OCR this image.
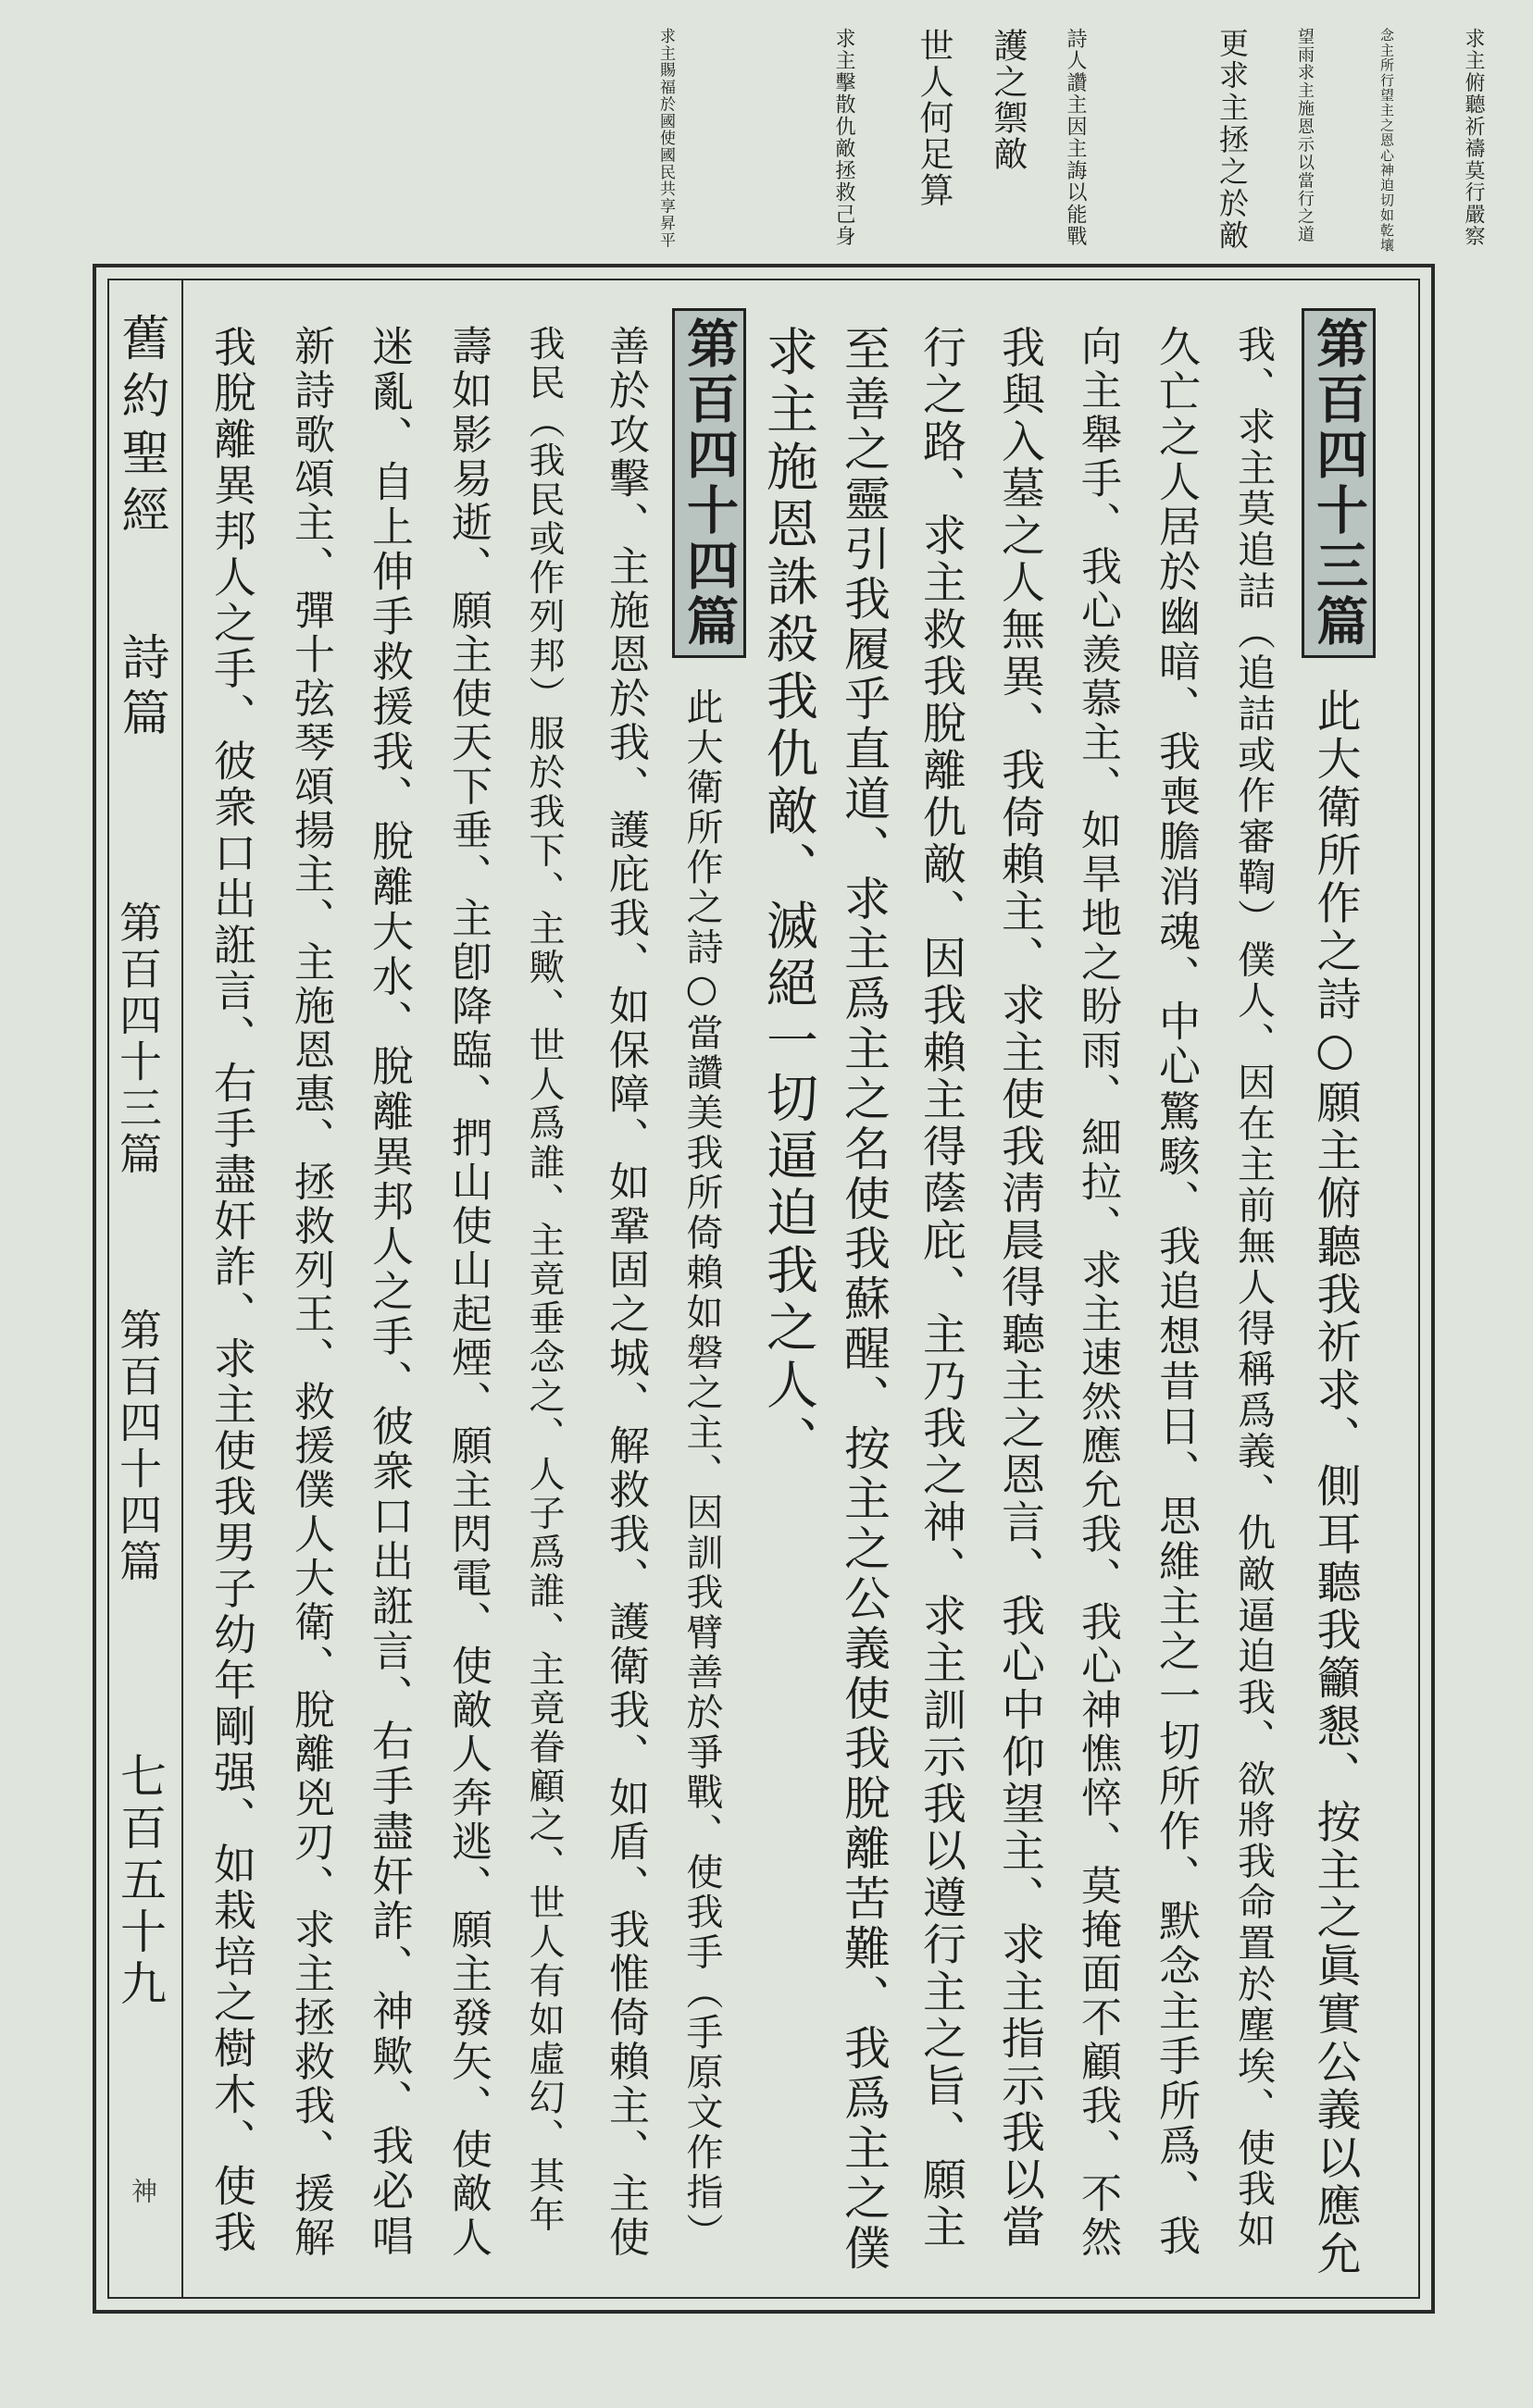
求主俯聽祈禱莫行嚴察
念主所行望主之恩心神迫切如乾壤
望雨求主施恩示以當行之道
更求主拯之於敵
詩人讚主因主誨以能戰
護之禦敵
世人何足算
求主擊散仇敵拯救己身
求主賜福於國使國民共享昇平
舊約聖經
詩篇
第百四十三篇
第百四十四篇
七百五十九
神
第百四十三篇
此大衛所作之詩○願主俯聽我祈求、側耳聽我籲懇、按主之眞實公義以應允
我、求主莫追詰（追詰或作審鞫）僕人、因在主前無人得稱爲義、仇敵逼迫我、欲將我命置於塵埃、使我如
久亡之人居於幽暗、我喪膽消魂、中心驚駭、我追想昔日、思維主之一切所作、默念主手所爲、我
向主舉手、我心羨慕主、如旱地之盼雨、細拉、求主速然應允我、我心神憔悴、莫掩面不顧我、不然
我與入墓之人無異、我倚賴主、求主使我淸晨得聽主之恩言、我心中仰望主、求主指示我以當
行之路、求主救我脫離仇敵、因我賴主得蔭庇、主乃我之神、求主訓示我以遵行主之旨、願主
至善之靈引我履乎直道、求主爲主之名使我蘇醒、按主之公義使我脫離苦難、我爲主之僕
求主施恩誅殺我仇敵、滅絕一切逼迫我之人、
第百四十四篇
此大衛所作之詩○當讚美我所倚賴如磐之主、因訓我臂善於爭戰、使我手（手原文作指）
善於攻擊、主施恩於我、護庇我、如保障、如鞏固之城、解救我、護衛我、如盾、我惟倚賴主、主使
我民（我民或作列邦）服於我下、主歟、世人爲誰、主竟垂念之、人子爲誰、主竟眷顧之、世人有如虛幻、其年
壽如影易逝、願主使天下垂、主卽降臨、捫山使山起煙、願主閃電、使敵人奔逃、願主發矢、使敵人
迷亂、自上伸手救援我、脫離大水、脫離異邦人之手、彼衆口出誑言、右手盡奸詐、神歟、我必唱
新詩歌頌主、彈十弦琴頌揚主、主施恩惠、拯救列王、救援僕人大衛、脫離兇刃、求主拯救我、援解
我脫離異邦人之手、彼衆口出誑言、右手盡奸詐、求主使我男子幼年剛强、如栽培之樹木、使我
